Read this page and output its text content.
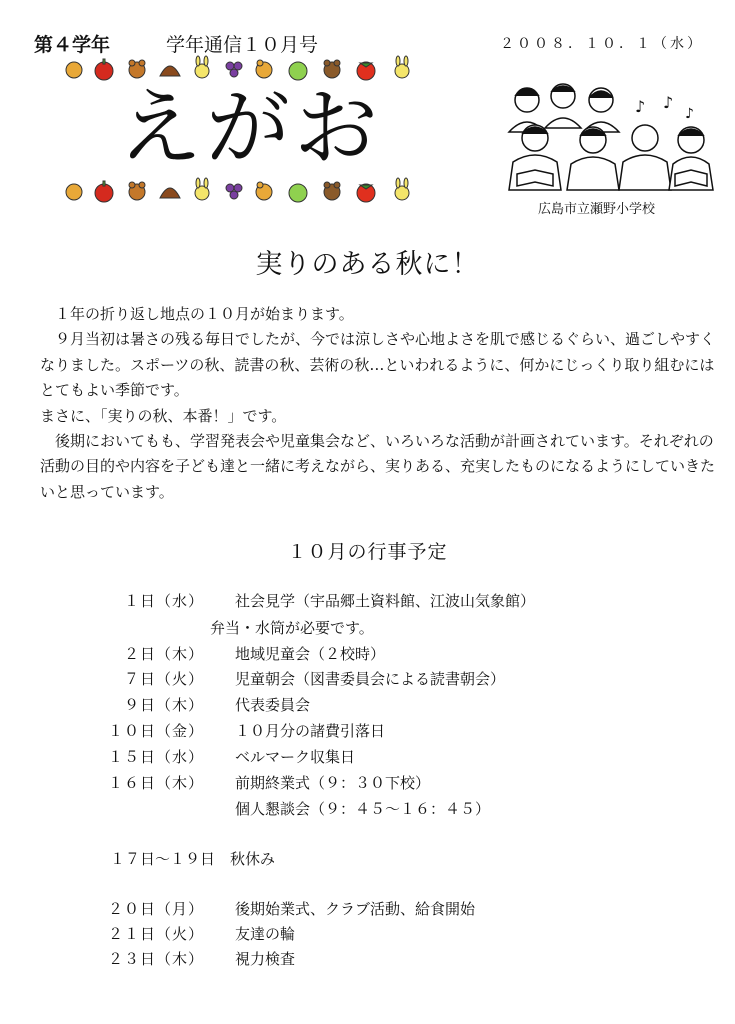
第４学年	学年通信１０月号	２００８．１０．１（水）
えがお	♪ ♪
♪
広島市立瀬野小学校
実りのある秋に！

　１年の折り返し地点の１０月が始まります。

　９月当初は暑さの残る毎日でしたが、今では涼しさや心地よさを肌で感じるぐらい、過ごしやすくなりました。スポーツの秋、読書の秋、芸術の秋…といわれるように、何かにじっくり取り組むにはとてもよい季節です。

まさに、「実りの秋、本番！」です。

　後期においてもも、学習発表会や児童集会など、いろいろな活動が計画されています。それぞれの活動の目的や内容を子ども達と一緒に考えながら、実りある、充実したものになるようにしていきたいと思っています。

１０月の行事予定
１日（水） 社会見学（宇品郷土資料館、江波山気象館）
弁当・水筒が必要です。
２日（木） 地域児童会（２校時）
７日（火） 児童朝会（図書委員会による読書朝会）
９日（木） 代表委員会
１０日（金） １０月分の諸費引落日
１５日（水） ベルマーク収集日
１６日（木） 前期終業式（９：３０下校）
個人懇談会（９：４５～１６：４５）
１７日～１９日　秋休み
２０日（月） 後期始業式、クラブ活動、給食開始
２１日（火） 友達の輪
２３日（木） 視力検査
